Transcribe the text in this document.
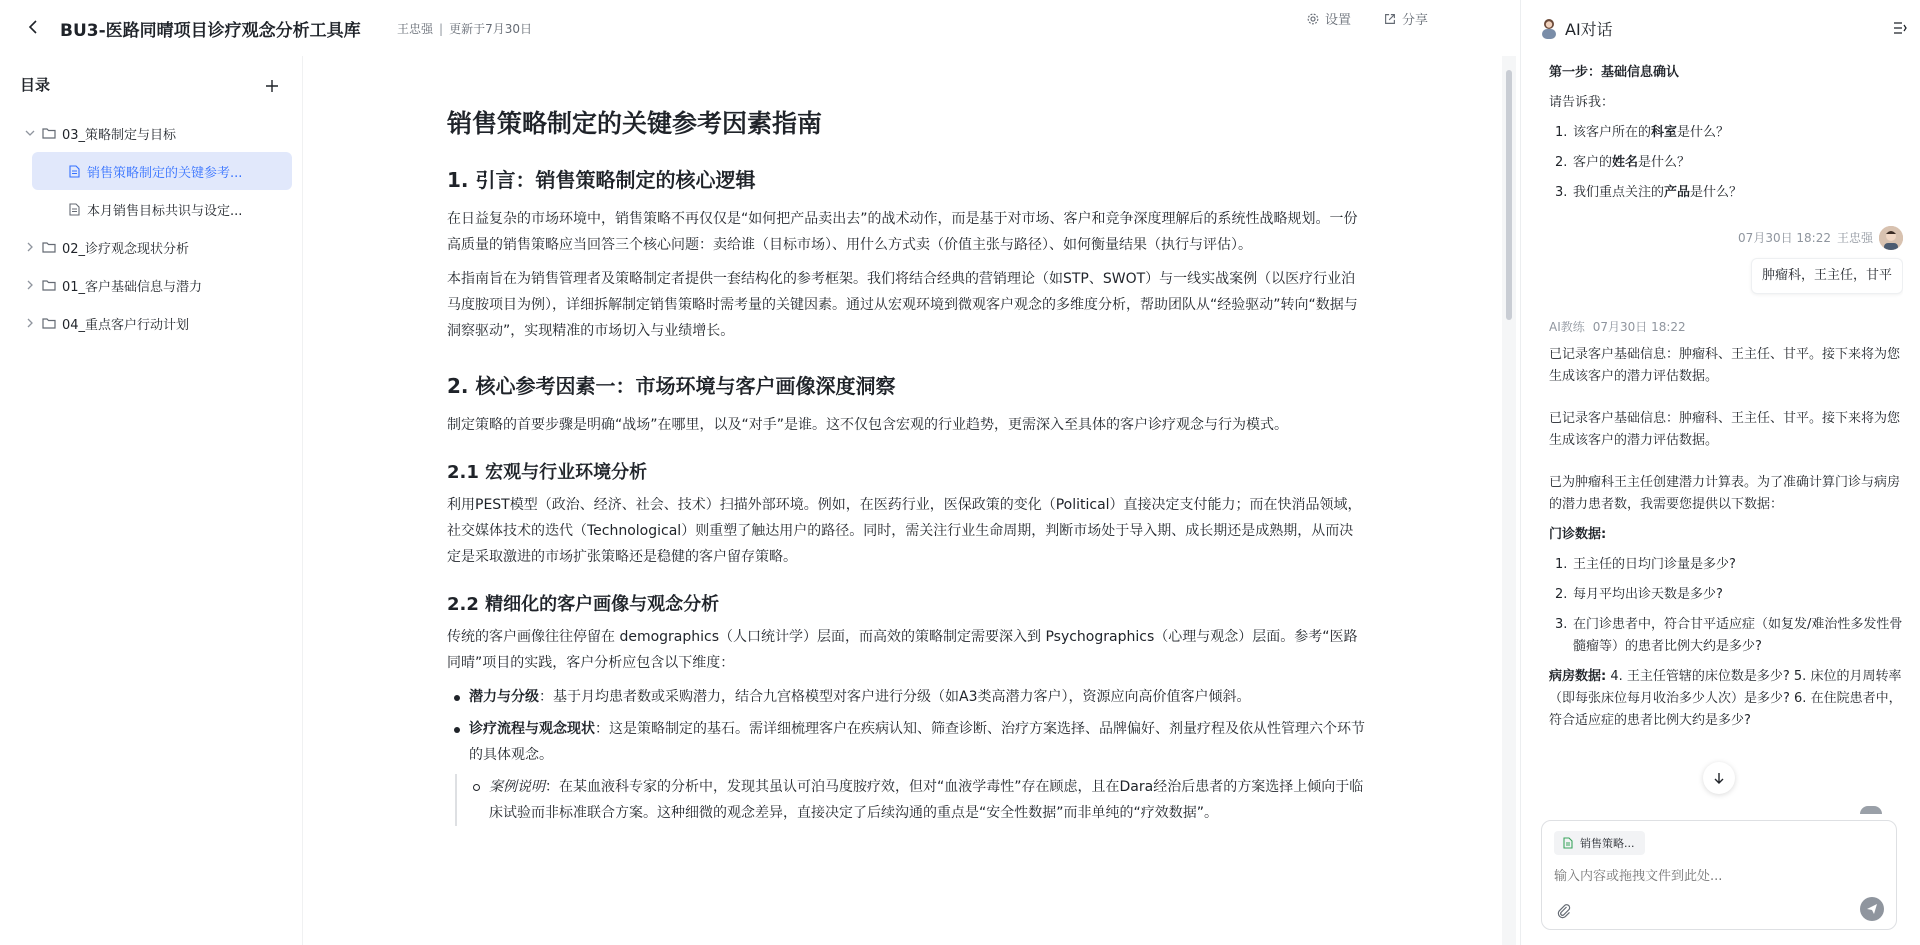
BU3-医路同晴项目诊疗观念分析工具库	王忠强 | 更新于7月30日
设置	分享
目录
03_策略制定与目标
销售策略制定的关键参考...
本月销售目标共识与设定...
02_诊疗观念现状分析
01_客户基础信息与潜力
04_重点客户行动计划
销售策略制定的关键参考因素指南
1. 引言：销售策略制定的核心逻辑

在日益复杂的市场环境中，销售策略不再仅仅是“如何把产品卖出去”的战术动作，而是基于对市场、客户和竞争深度理解后的系统性战略规划。一份高质量的销售策略应当回答三个核心问题：卖给谁（目标市场）、用什么方式卖（价值主张与路径）、如何衡量结果（执行与评估）。

本指南旨在为销售管理者及策略制定者提供一套结构化的参考框架。我们将结合经典的营销理论（如STP、SWOT）与一线实战案例（以医疗行业泊马度胺项目为例），详细拆解制定销售策略时需考量的关键因素。通过从宏观环境到微观客户观念的多维度分析，帮助团队从“经验驱动”转向“数据与洞察驱动”，实现精准的市场切入与业绩增长。

2. 核心参考因素一：市场环境与客户画像深度洞察

制定策略的首要步骤是明确“战场”在哪里，以及“对手”是谁。这不仅包含宏观的行业趋势，更需深入至具体的客户诊疗观念与行为模式。

2.1 宏观与行业环境分析

利用PEST模型（政治、经济、社会、技术）扫描外部环境。例如，在医药行业，医保政策的变化（Political）直接决定支付能力；而在快消品领域，社交媒体技术的迭代（Technological）则重塑了触达用户的路径。同时，需关注行业生命周期，判断市场处于导入期、成长期还是成熟期，从而决定是采取激进的市场扩张策略还是稳健的客户留存策略。

2.2 精细化的客户画像与观念分析

传统的客户画像往往停留在 demographics（人口统计学）层面，而高效的策略制定需要深入到 Psychographics（心理与观念）层面。参考“医路同晴”项目的实践，客户分析应包含以下维度：

潜力与分级：基于月均患者数或采购潜力，结合九宫格模型对客户进行分级（如A3类高潜力客户），资源应向高价值客户倾斜。
诊疗流程与观念现状：这是策略制定的基石。需详细梳理客户在疾病认知、筛查诊断、治疗方案选择、品牌偏好、剂量疗程及依从性管理六个环节的具体观念。
案例说明：在某血液科专家的分析中，发现其虽认可泊马度胺疗效，但对“血液学毒性”存在顾虑，且在Dara经治后患者的方案选择上倾向于临床试验而非标准联合方案。这种细微的观念差异，直接决定了后续沟通的重点是“安全性数据”而非单纯的“疗效数据”。
AI对话
第一步：基础信息确认
请告诉我：
1. 该客户所在的科室是什么？
2. 客户的姓名是什么？
3. 我们重点关注的产品是什么？
07月30日 18:22 王忠强
肿瘤科，王主任，甘平
AI教练 07月30日 18:22
已记录客户基础信息：肿瘤科、王主任、甘平。接下来将为您生成该客户的潜力评估数据。
已记录客户基础信息：肿瘤科、王主任、甘平。接下来将为您生成该客户的潜力评估数据。
已为肿瘤科王主任创建潜力计算表。为了准确计算门诊与病房的潜力患者数，我需要您提供以下数据：
门诊数据:
1. 王主任的日均门诊量是多少?
2. 每月平均出诊天数是多少?
3. 在门诊患者中，符合甘平适应症（如复发/难治性多发性骨髓瘤等）的患者比例大约是多少?
病房数据: 4. 王主任管辖的床位数是多少? 5. 床位的月周转率（即每张床位每月收治多少人次）是多少? 6. 在住院患者中，符合适应症的患者比例大约是多少?
销售策略...
输入内容或拖拽文件到此处...
